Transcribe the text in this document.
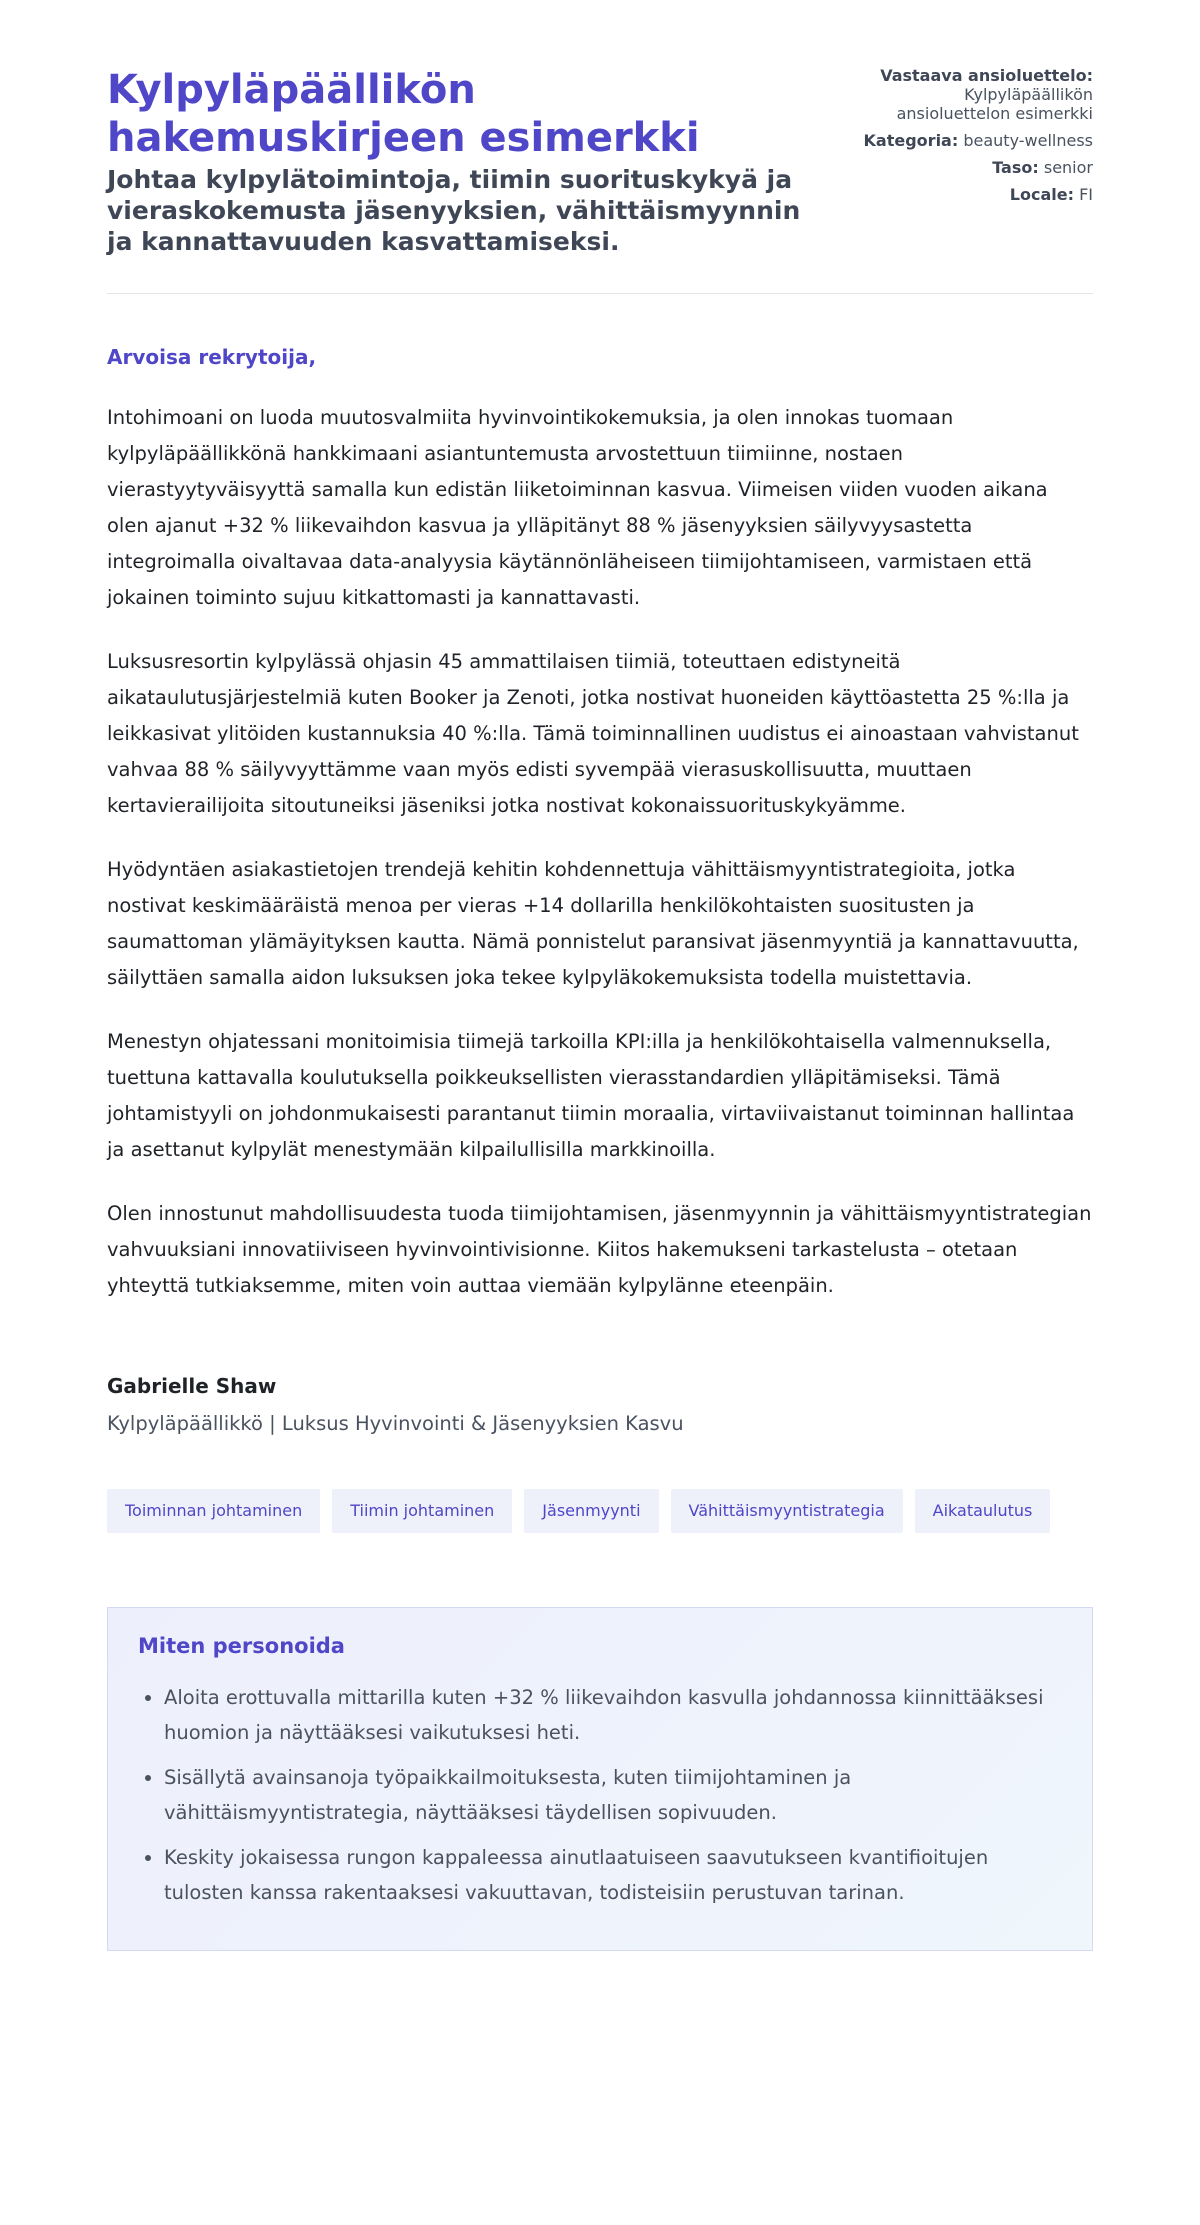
Kylpyläpäällikön hakemuskirjeen esimerkki
Johtaa kylpylätoimintoja, tiimin suorituskykyä ja vieraskokemusta jäsenyyksien, vähittäismyynnin ja kannattavuuden kasvattamiseksi.
Vastaava ansioluettelo:
Kylpyläpäällikön ansioluettelon esimerkki
Kategoria: beauty-wellness
Taso: senior
Locale: FI
Arvoisa rekrytoija,

Intohimoani on luoda muutosvalmiita hyvinvointikokemuksia, ja olen innokas tuomaan kylpyläpäällikkönä hankkimaani asiantuntemusta arvostettuun tiimiinne, nostaen vierastyytyväisyyttä samalla kun edistän liiketoiminnan kasvua. Viimeisen viiden vuoden aikana olen ajanut +32 % liikevaihdon kasvua ja ylläpitänyt 88 % jäsenyyksien säilyvyysastetta integroimalla oivaltavaa data-analyysia käytännönläheiseen tiimijohtamiseen, varmistaen että jokainen toiminto sujuu kitkattomasti ja kannattavasti.

Luksusresortin kylpylässä ohjasin 45 ammattilaisen tiimiä, toteuttaen edistyneitä aikataulutusjärjestelmiä kuten Booker ja Zenoti, jotka nostivat huoneiden käyttöastetta 25 %:lla ja leikkasivat ylitöiden kustannuksia 40 %:lla. Tämä toiminnallinen uudistus ei ainoastaan vahvistanut vahvaa 88 % säilyvyyttämme vaan myös edisti syvempää vierasuskollisuutta, muuttaen kertavierailijoita sitoutuneiksi jäseniksi jotka nostivat kokonaissuorituskykyämme.

Hyödyntäen asiakastietojen trendejä kehitin kohdennettuja vähittäismyyntistrategioita, jotka nostivat keskimääräistä menoa per vieras +14 dollarilla henkilökohtaisten suositusten ja saumattoman ylämäyityksen kautta. Nämä ponnistelut paransivat jäsenmyyntiä ja kannattavuutta, säilyttäen samalla aidon luksuksen joka tekee kylpyläkokemuksista todella muistettavia.

Menestyn ohjatessani monitoimisia tiimejä tarkoilla KPI:illa ja henkilökohtaisella valmennuksella, tuettuna kattavalla koulutuksella poikkeuksellisten vierasstandardien ylläpitämiseksi. Tämä johtamistyyli on johdonmukaisesti parantanut tiimin moraalia, virtaviivaistanut toiminnan hallintaa ja asettanut kylpylät menestymään kilpailullisilla markkinoilla.

Olen innostunut mahdollisuudesta tuoda tiimijohtamisen, jäsenmyynnin ja vähittäismyyntistrategian vahvuuksiani innovatiiviseen hyvinvointivisionne. Kiitos hakemukseni tarkastelusta – otetaan yhteyttä tutkiaksemme, miten voin auttaa viemään kylpylänne eteenpäin.

Gabrielle Shaw
Kylpyläpäällikkö | Luksus Hyvinvointi & Jäsenyyksien Kasvu
Toiminnan johtaminen	Tiimin johtaminen	Jäsenmyynti	Vähittäismyyntistrategia	Aikataulutus
Miten personoida
• Aloita erottuvalla mittarilla kuten +32 % liikevaihdon kasvulla johdannossa kiinnittääksesi huomion ja näyttääksesi vaikutuksesi heti.
• Sisällytä avainsanoja työpaikkailmoituksesta, kuten tiimijohtaminen ja vähittäismyyntistrategia, näyttääksesi täydellisen sopivuuden.
• Keskity jokaisessa rungon kappaleessa ainutlaatuiseen saavutukseen kvantifioitujen tulosten kanssa rakentaaksesi vakuuttavan, todisteisiin perustuvan tarinan.
